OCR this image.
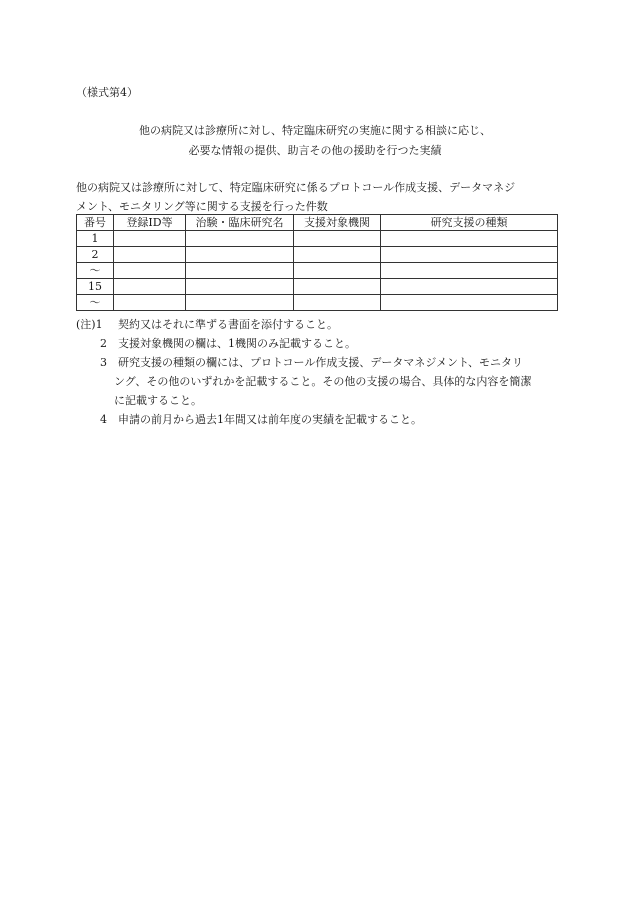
（様式第4）
他の病院又は診療所に対し、特定臨床研究の実施に関する相談に応じ、
必要な情報の提供、助言その他の援助を行つた実績
他の病院又は診療所に対して、特定臨床研究に係るプロトコール作成支援、データマネジ
メント、モニタリング等に関する支援を行った件数
番号	登録ID等	治験・臨床研究名	支援対象機関	研究支援の種類
1				
2				
〜				
15				
〜				
(注)1	契約又はそれに準ずる書面を添付すること。
2	支援対象機関の欄は、1機関のみ記載すること。
3	研究支援の種類の欄には、プロトコール作成支援、データマネジメント、モニタリ
ング、その他のいずれかを記載すること。その他の支援の場合、具体的な内容を簡潔
に記載すること。
4	申請の前月から過去1年間又は前年度の実績を記載すること。
